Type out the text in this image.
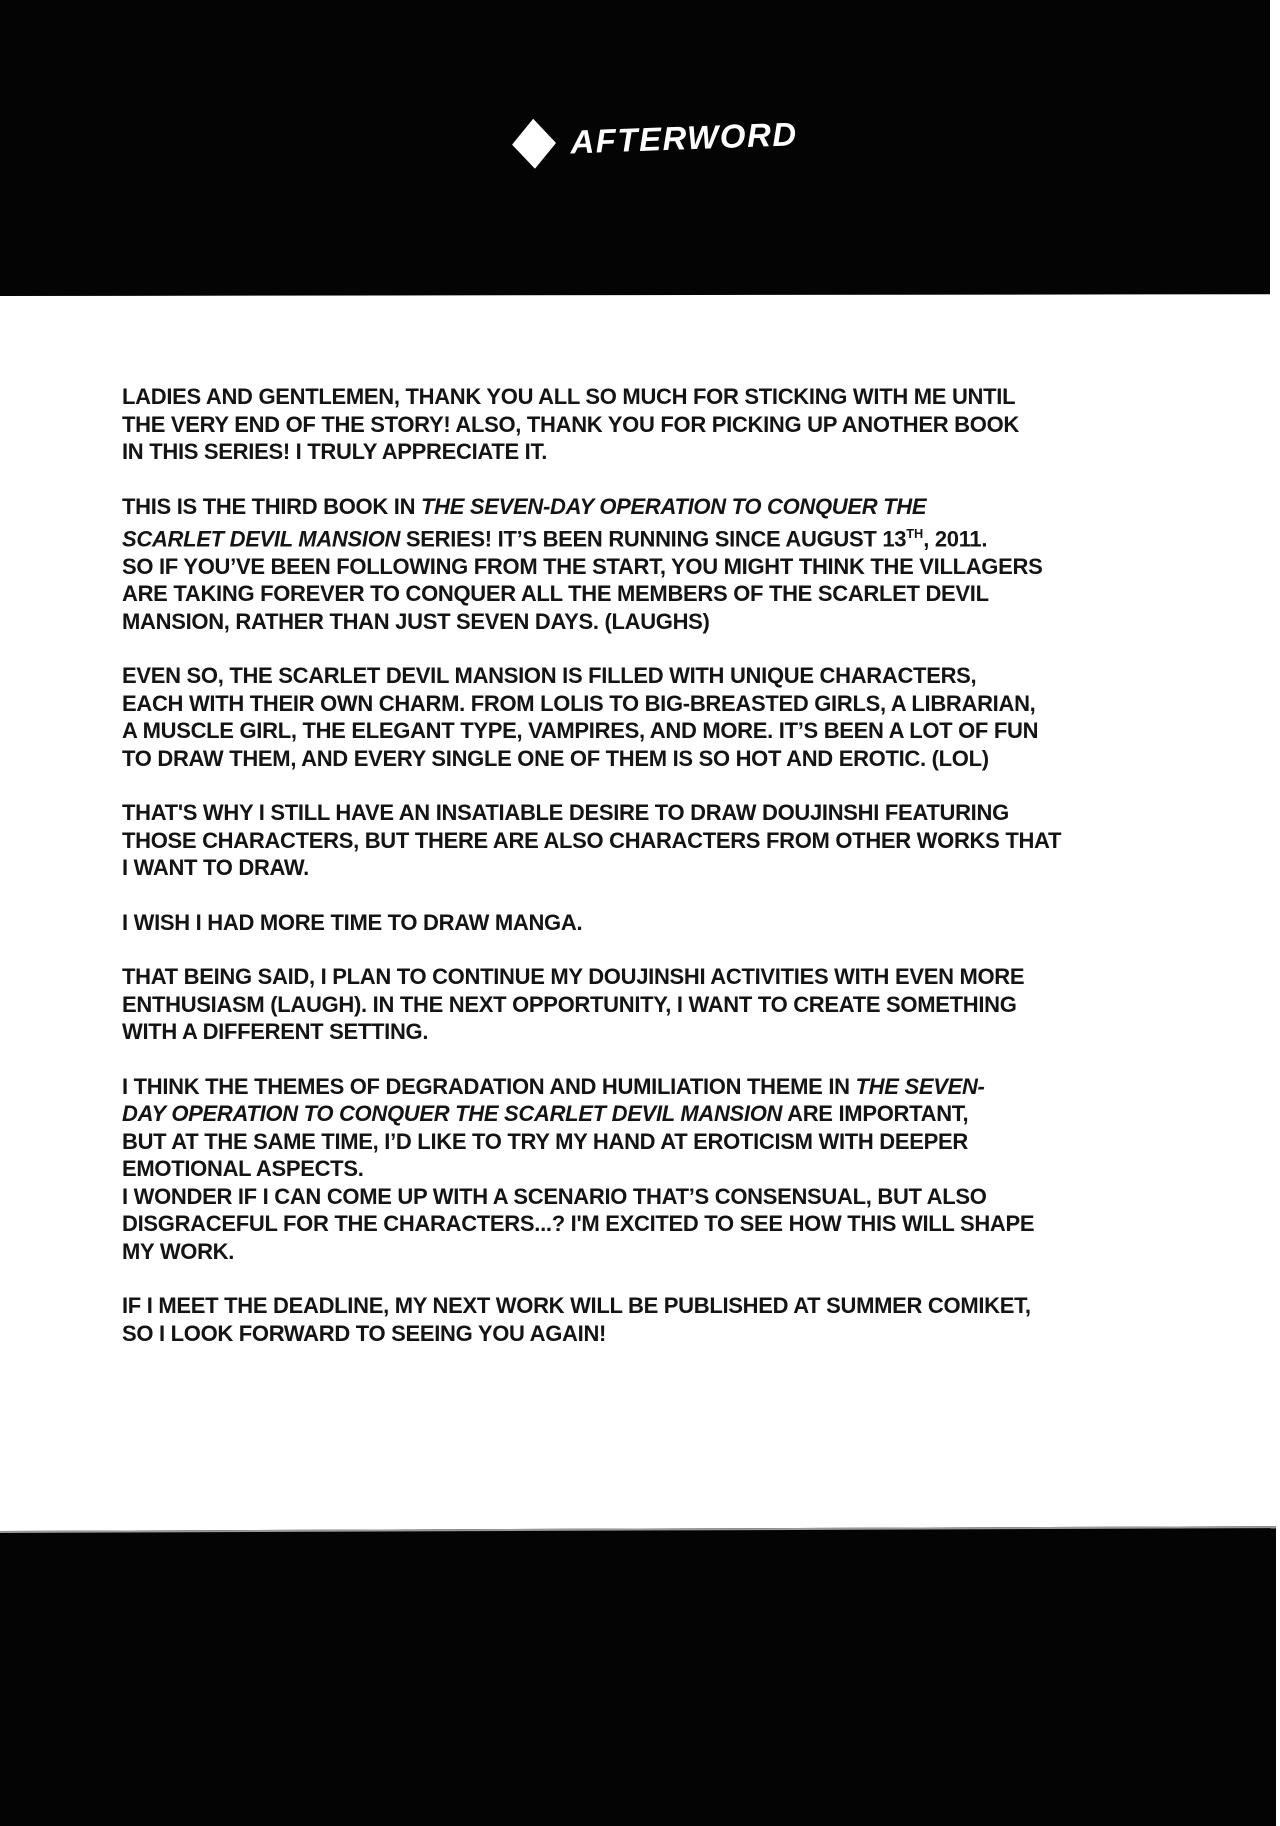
AFTERWORD

LADIES AND GENTLEMEN, THANK YOU ALL SO MUCH FOR STICKING WITH ME UNTIL
THE VERY END OF THE STORY! ALSO, THANK YOU FOR PICKING UP ANOTHER BOOK
IN THIS SERIES! I TRULY APPRECIATE IT.

THIS IS THE THIRD BOOK IN THE SEVEN-DAY OPERATION TO CONQUER THE
SCARLET DEVIL MANSION SERIES! IT’S BEEN RUNNING SINCE AUGUST 13TH, 2011.
SO IF YOU’VE BEEN FOLLOWING FROM THE START, YOU MIGHT THINK THE VILLAGERS
ARE TAKING FOREVER TO CONQUER ALL THE MEMBERS OF THE SCARLET DEVIL
MANSION, RATHER THAN JUST SEVEN DAYS. (LAUGHS)

EVEN SO, THE SCARLET DEVIL MANSION IS FILLED WITH UNIQUE CHARACTERS,
EACH WITH THEIR OWN CHARM. FROM LOLIS TO BIG-BREASTED GIRLS, A LIBRARIAN,
A MUSCLE GIRL, THE ELEGANT TYPE, VAMPIRES, AND MORE. IT’S BEEN A LOT OF FUN
TO DRAW THEM, AND EVERY SINGLE ONE OF THEM IS SO HOT AND EROTIC. (LOL)

THAT'S WHY I STILL HAVE AN INSATIABLE DESIRE TO DRAW DOUJINSHI FEATURING
THOSE CHARACTERS, BUT THERE ARE ALSO CHARACTERS FROM OTHER WORKS THAT
I WANT TO DRAW.

I WISH I HAD MORE TIME TO DRAW MANGA.

THAT BEING SAID, I PLAN TO CONTINUE MY DOUJINSHI ACTIVITIES WITH EVEN MORE
ENTHUSIASM (LAUGH). IN THE NEXT OPPORTUNITY, I WANT TO CREATE SOMETHING
WITH A DIFFERENT SETTING.

I THINK THE THEMES OF DEGRADATION AND HUMILIATION THEME IN THE SEVEN-
DAY OPERATION TO CONQUER THE SCARLET DEVIL MANSION ARE IMPORTANT,
BUT AT THE SAME TIME, I’D LIKE TO TRY MY HAND AT EROTICISM WITH DEEPER
EMOTIONAL ASPECTS.
I WONDER IF I CAN COME UP WITH A SCENARIO THAT’S CONSENSUAL, BUT ALSO
DISGRACEFUL FOR THE CHARACTERS...? I'M EXCITED TO SEE HOW THIS WILL SHAPE
MY WORK.

IF I MEET THE DEADLINE, MY NEXT WORK WILL BE PUBLISHED AT SUMMER COMIKET,
SO I LOOK FORWARD TO SEEING YOU AGAIN!
